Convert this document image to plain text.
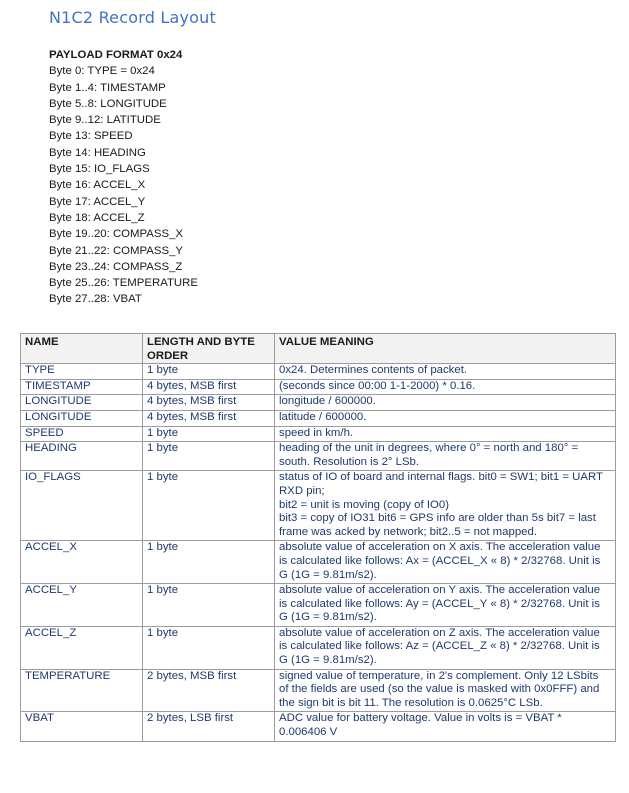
N1C2 Record Layout
PAYLOAD FORMAT 0x24
Byte 0: TYPE = 0x24
Byte 1..4: TIMESTAMP
Byte 5..8: LONGITUDE
Byte 9..12: LATITUDE
Byte 13: SPEED
Byte 14: HEADING
Byte 15: IO_FLAGS
Byte 16: ACCEL_X
Byte 17: ACCEL_Y
Byte 18: ACCEL_Z
Byte 19..20: COMPASS_X
Byte 21..22: COMPASS_Y
Byte 23..24: COMPASS_Z
Byte 25..26: TEMPERATURE
Byte 27..28: VBAT
NAME	LENGTH AND BYTE ORDER	VALUE MEANING
TYPE	1 byte	0x24. Determines contents of packet.
TIMESTAMP	4 bytes, MSB first	(seconds since 00:00 1-1-2000) * 0.16.
LONGITUDE	4 bytes, MSB first	longitude / 600000.
LONGITUDE	4 bytes, MSB first	latitude / 600000.
SPEED	1 byte	speed in km/h.
HEADING	1 byte	heading of the unit in degrees, where 0° = north and 180° = south. Resolution is 2° LSb.
IO_FLAGS	1 byte	status of IO of board and internal flags. bit0 = SW1; bit1 = UART RXD pin;
bit2 = unit is moving (copy of IO0)
bit3 = copy of IO31 bit6 = GPS info are older than 5s bit7 = last frame was acked by network; bit2..5 = not mapped.
ACCEL_X	1 byte	absolute value of acceleration on X axis. The acceleration value is calculated like follows: Ax = (ACCEL_X « 8) * 2/32768. Unit is G (1G = 9.81m/s2).
ACCEL_Y	1 byte	absolute value of acceleration on Y axis. The acceleration value is calculated like follows: Ay = (ACCEL_Y « 8) * 2/32768. Unit is G (1G = 9.81m/s2).
ACCEL_Z	1 byte	absolute value of acceleration on Z axis. The acceleration value is calculated like follows: Az = (ACCEL_Z « 8) * 2/32768. Unit is G (1G = 9.81m/s2).
TEMPERATURE	2 bytes, MSB first	signed value of temperature, in 2's complement. Only 12 LSbits of the fields are used (so the value is masked with 0x0FFF) and the sign bit is bit 11. The resolution is 0.0625°C LSb.
VBAT	2 bytes, LSB first	ADC value for battery voltage. Value in volts is = VBAT * 0.006406 V
